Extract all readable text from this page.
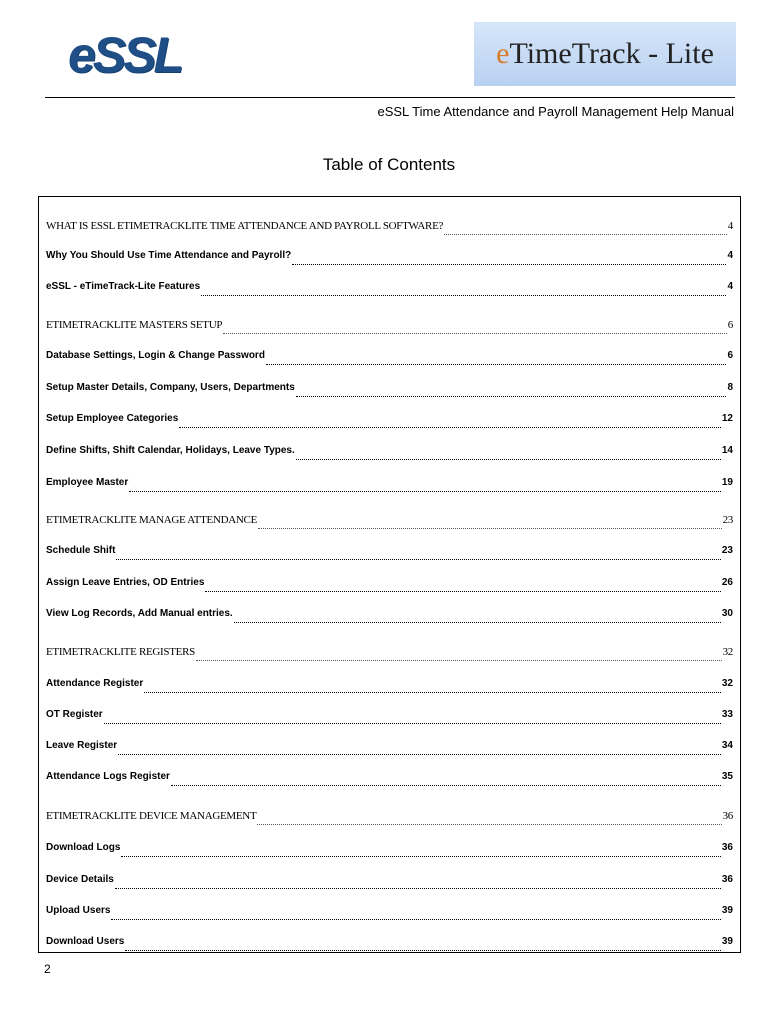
eSSL	e TimeTrack - Lite
eSSL Time Attendance and Payroll Management Help Manual
Table of Contents
WHAT IS ESSL ETIMETRACKLITE TIME ATTENDANCE AND PAYROLL SOFTWARE?	4
Why You Should Use Time Attendance and Payroll?	4
eSSL - eTimeTrack-Lite Features	4
ETIMETRACKLITE MASTERS SETUP	6
Database Settings, Login & Change Password	6
Setup Master Details, Company, Users, Departments	8
Setup Employee Categories	12
Define Shifts, Shift Calendar, Holidays, Leave Types.	14
Employee Master	19
ETIMETRACKLITE MANAGE ATTENDANCE	23
Schedule Shift	23
Assign Leave Entries, OD Entries	26
View Log Records, Add Manual entries.	30
ETIMETRACKLITE REGISTERS	32
Attendance Register	32
OT Register	33
Leave Register	34
Attendance Logs Register	35
ETIMETRACKLITE DEVICE MANAGEMENT	36
Download Logs	36
Device Details	36
Upload Users	39
Download Users	39
2
